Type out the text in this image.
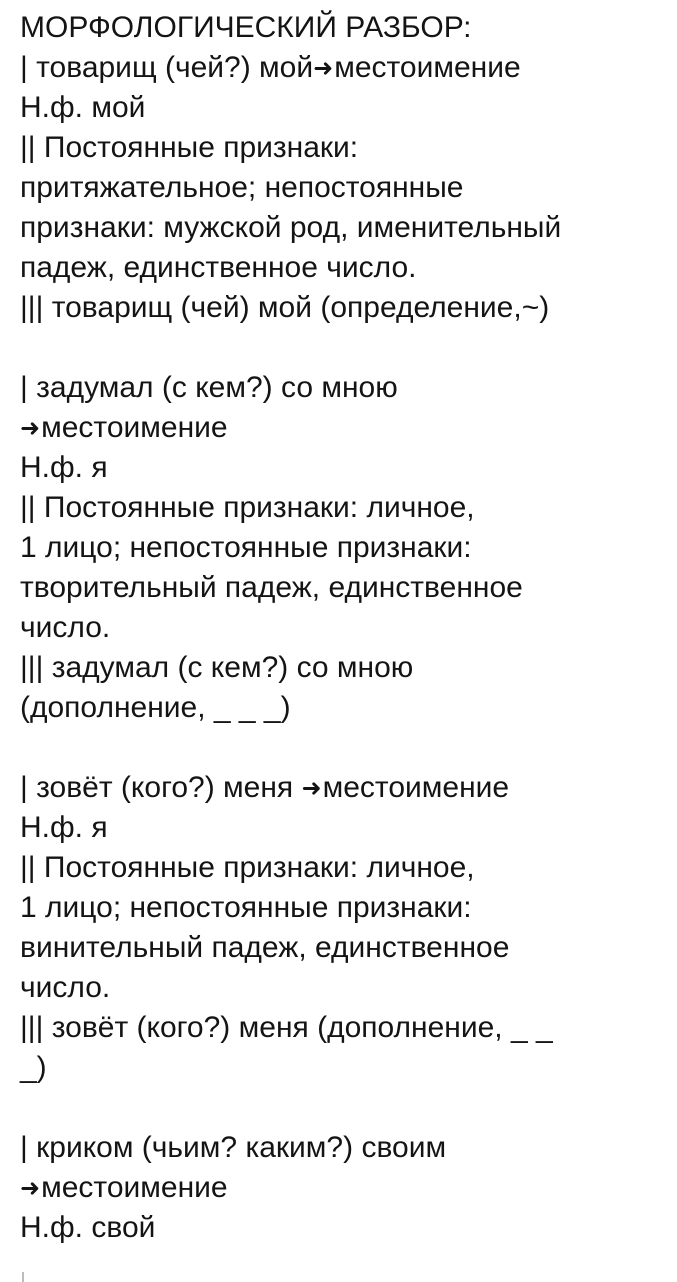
МОРФОЛОГИЧЕСКИЙ РАЗБОР:
| товарищ (чей?) мой➜местоимение
Н.ф. мой
|| Постоянные признаки:
притяжательное; непостоянные
признаки: мужской род, именительный
падеж, единственное число.
||| товарищ (чей) мой (определение,~)
| задумал (с кем?) со мною
➜местоимение
Н.ф. я
|| Постоянные признаки: личное,
1 лицо; непостоянные признаки:
творительный падеж, единственное
число.
||| задумал (с кем?) со мною
(дополнение, _ _ _)
| зовёт (кого?) меня ➜местоимение
Н.ф. я
|| Постоянные признаки: личное,
1 лицо; непостоянные признаки:
винительный падеж, единственное
число.
||| зовёт (кого?) меня (дополнение, _ _
_)
| криком (чьим? каким?) своим
➜местоимение
Н.ф. свой
